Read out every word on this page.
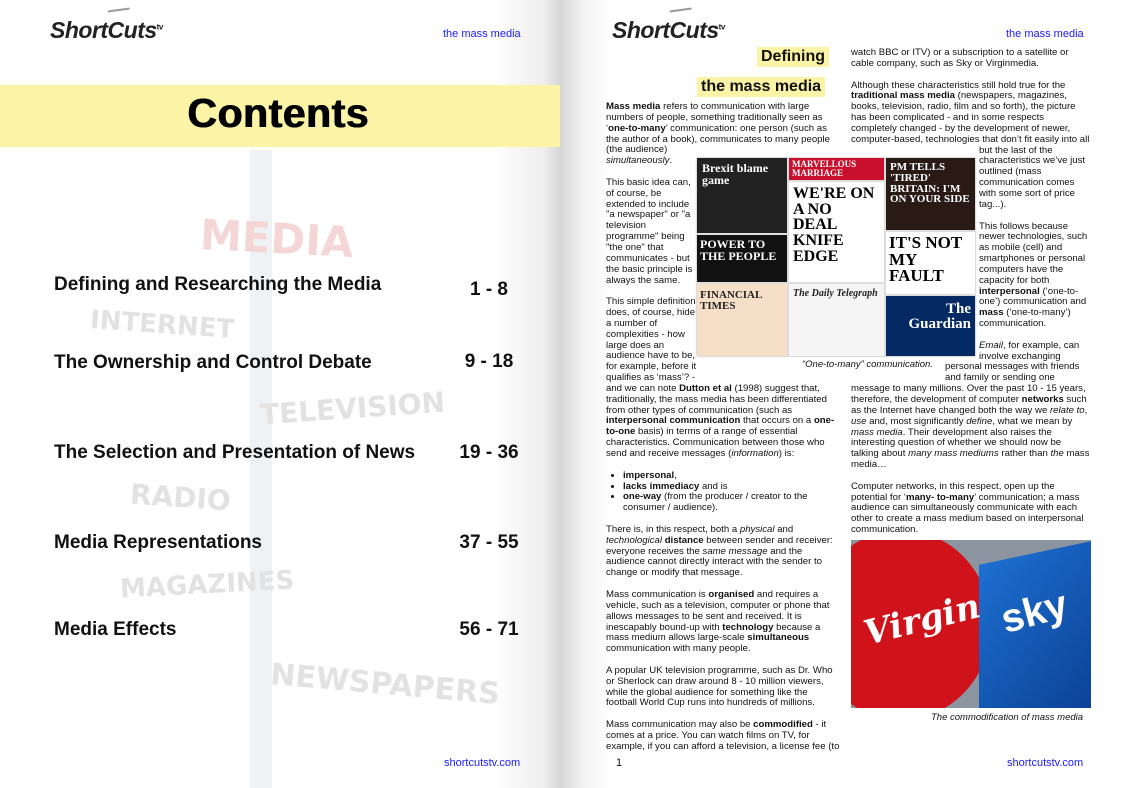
MEDIA
INTERNET
TELEVISION
RADIO
MAGAZINES
NEWSPAPERS
ShortCuts$^{tv}$
the mass media
Contents
Defining and Researching the Media	1 - 8
The Ownership and Control Debate	9 - 18
The Selection and Presentation of News 19 - 36
Media Representations	37 - 55
Media Effects	56 - 71
shortcutstv.com
ShortCuts$^{tv}$
the mass media
Defining
the mass media

Mass media refers to communication with large numbers of people, something traditionally seen as ‘one-to-many’ communication: one person (such as the author of a book), communicates to many people (the audience) simultaneously.

This basic idea can, of course, be extended to include "a newspaper" or "a television programme" being "the one" that communicates - but the basic principle is always the same.

This simple definition does, of course, hide a number of complexities - how large does an audience have to be, for example, before it qualifies as ‘mass’? - and we can note Dutton et al (1998) suggest that, traditionally, the mass media has been differentiated from other types of communication (such as interpersonal communication that occurs on a one-to-one basis) in terms of a range of essential characteristics. Communication between those who send and receive messages (information) is:

• impersonal,
• lacks immediacy and is
• one-way (from the producer / creator to the consumer / audience).

There is, in this respect, both a physical and technological distance between sender and receiver: everyone receives the same message and the audience cannot directly interact with the sender to change or modify that message.

Mass communication is organised and requires a vehicle, such as a television, computer or phone that allows messages to be sent and received. It is inescapably bound-up with technology because a mass medium allows large-scale simultaneous communication with many people.

A popular UK television programme, such as Dr. Who or Sherlock can draw around 8 - 10 million viewers, while the global audience for something like the football World Cup runs into hundreds of millions.

Mass communication may also be commodified - it comes at a price. You can watch films on TV, for example, if you can afford a television, a license fee (to

watch BBC or ITV) or a subscription to a satellite or cable company, such as Sky or Virginmedia.

Although these characteristics still hold true for the traditional mass media (newspapers, magazines, books, television, radio, film and so forth), the picture has been complicated - and in some respects completely changed - by the development of newer, computer-based, technologies that don’t fit easily into all but the last of the characteristics we’ve just outlined (mass communication comes with some sort of price tag...).

This follows because newer technologies, such as mobile (cell) and smartphones or personal computers have the capacity for both interpersonal (‘one-to-one’) communication and mass (‘one-to-many’) communication.

Email, for example, can involve exchanging personal messages with friends and family or sending one message to many millions. Over the past 10 - 15 years, therefore, the development of computer networks such as the Internet have changed both the way we relate to, use and, most significantly define, what we mean by mass media. Their development also raises the interesting question of whether we should now be talking about many mass mediums rather than the mass media…

Computer networks, in this respect, open up the potential for ‘many- to-many’ communication; a mass audience can simultaneously communicate with each other to create a mass medium based on interpersonal communication.

Brexit blame game
MARVELLOUS MARRIAGE
WE'RE ON A NO DEAL KNIFE EDGE
PM TELLS 'TIRED' BRITAIN: I'M ON YOUR SIDE
IT'S NOT MY FAULT
POWER TO THE PEOPLE
FINANCIAL TIMES
The Daily Telegraph
The Guardian
“One-to-many” communication.
Virgin sky
The commodification of mass media
1	shortcutstv.com
